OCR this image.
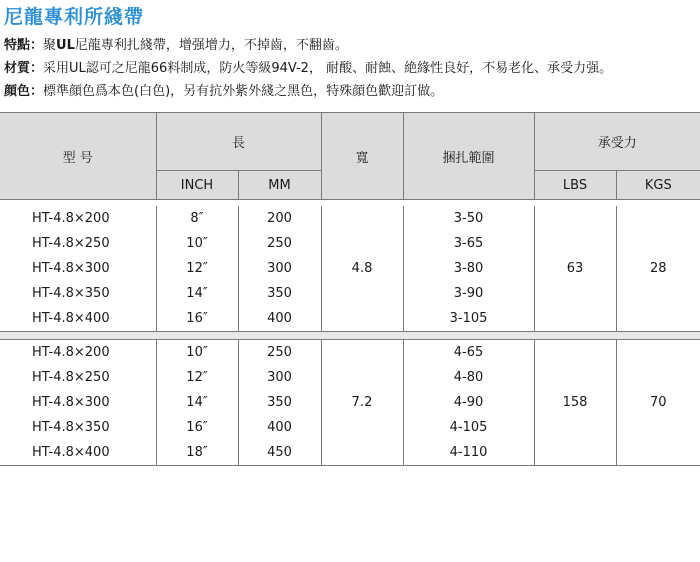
尼龍專利所綫帶
特點：聚UL尼龍專利扎綫帶，增强增力，不掉齒，不翻齒。
材質：采用UL認可之尼龍66料制成，防火等級94V-2， 耐酸、耐蝕、絶緣性良好，不易老化、承受力强。
顔色：標準顔色爲本色(白色)，另有抗外紫外綫之黑色，特殊顔色歡迎訂做。
型 号	長		寬	捆扎範圍	承受力	
	INCH	MM			LBS	KGS

HT-4.8×200	8″	200	4.8	3-50	63	28
HT-4.8×250	10″	250		3-65		
HT-4.8×300	12″	300		3-80		
HT-4.8×350	14″	350		3-90		
HT-4.8×400	16″	400		3-105		

HT-4.8×200	10″	250	7.2	4-65	158	70
HT-4.8×250	12″	300		4-80		
HT-4.8×300	14″	350		4-90		
HT-4.8×350	16″	400		4-105		
HT-4.8×400	18″	450		4-110		
